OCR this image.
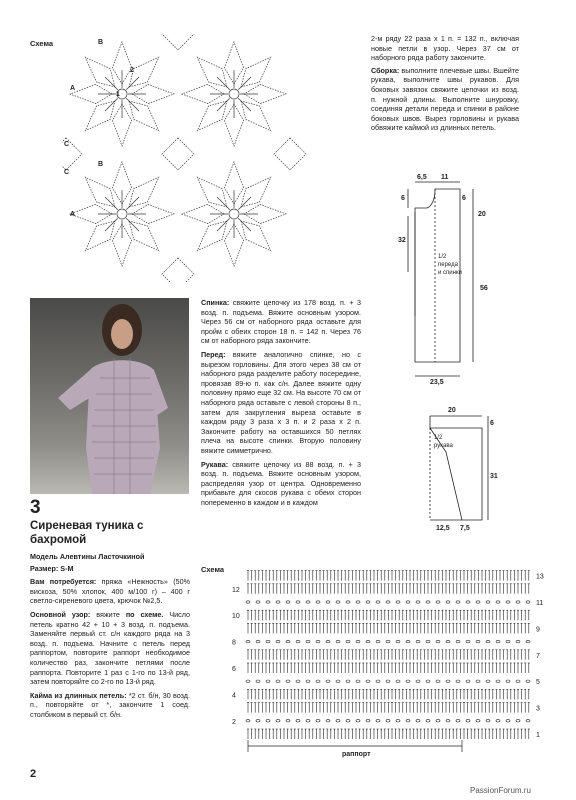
Схема	B
A
C
B
A
C
2
1

2-м ряду 22 раза х 1 п. = 132 п., включая новые петли в узор. Через 37 см от наборного ряда работу закончите.

Сборка: выполните плечевые швы. Вшейте рукава, выполните швы рукавов. Для боковых завязок свяжите цепочки из возд. п. нужной длины. Выполните шнуровку, соединяя детали переда и спинки в районе боковых швов. Вырез горловины и рукава обвяжите каймой из длинных петель.

6,5 11
6	6
20
32
56
23,5
1/2
переда
и спинки
20
6
31
12,5 7,5
1/2
рукава

Спинка: свяжите цепочку из 178 возд. п. + 3 возд. п. подъема. Вяжите основным узором. Через 56 см от наборного ряда оставьте для пройм с обеих сторон 18 п. = 142 п. Через 76 см от наборного ряда закончите.

Перед: вяжите аналогично спинке, но с вырезом горловины. Для этого через 38 см от наборного ряда разделите работу посередине, провязав 89-ю п. как с/н. Далее вяжите одну половину прямо еще 32 см. На высоте 70 см от наборного ряда оставьте с левой стороны 8 п., затем для закругления выреза оставьте в каждом ряду 3 раза х 3 п. и 2 раза х 2 п. Закончите работу на оставшихся 50 петлях плеча на высоте спинки. Вторую половину вяжите симметрично.

Рукава: свяжите цепочку из 88 возд. п. + 3 возд. п. подъема. Вяжите основным узором, распределяя узор от центра. Одновременно прибавьте для скосов рукава с обеих сторон попеременно в каждом и в каждом

3
Сиреневая туника с бахромой

Модель Алевтины Ласточкиной

Размер: S-M

Вам потребуется: пряжа «Нежность» (50% вискоза, 50% хлопок, 400 м/100 г) – 400 г светло-сиреневого цвета, крючок №2,5.

Основной узор: вяжите по схеме. Число петель кратно 42 + 10 + 3 возд. п. подъема. Заменяйте первый ст. с/н каждого ряда на 3 возд. п. подъема. Начните с петель перед раппортом, повторите раппорт необходимое количество раз, закончите петлями после раппорта. Повторите 1 раз с 1-го по 13-й ряд, затем повторяйте со 2-го по 13-й ряд.

Кайма из длинных петель: *2 ст. б/н, 30 возд. п., повторяйте от *, закончите 1 соед. столбиком в первый ст. б/н.

Схема
13
11
9
7
5
3
1
12
10
8
6
4
2
раппорт
2
PassionForum.ru
